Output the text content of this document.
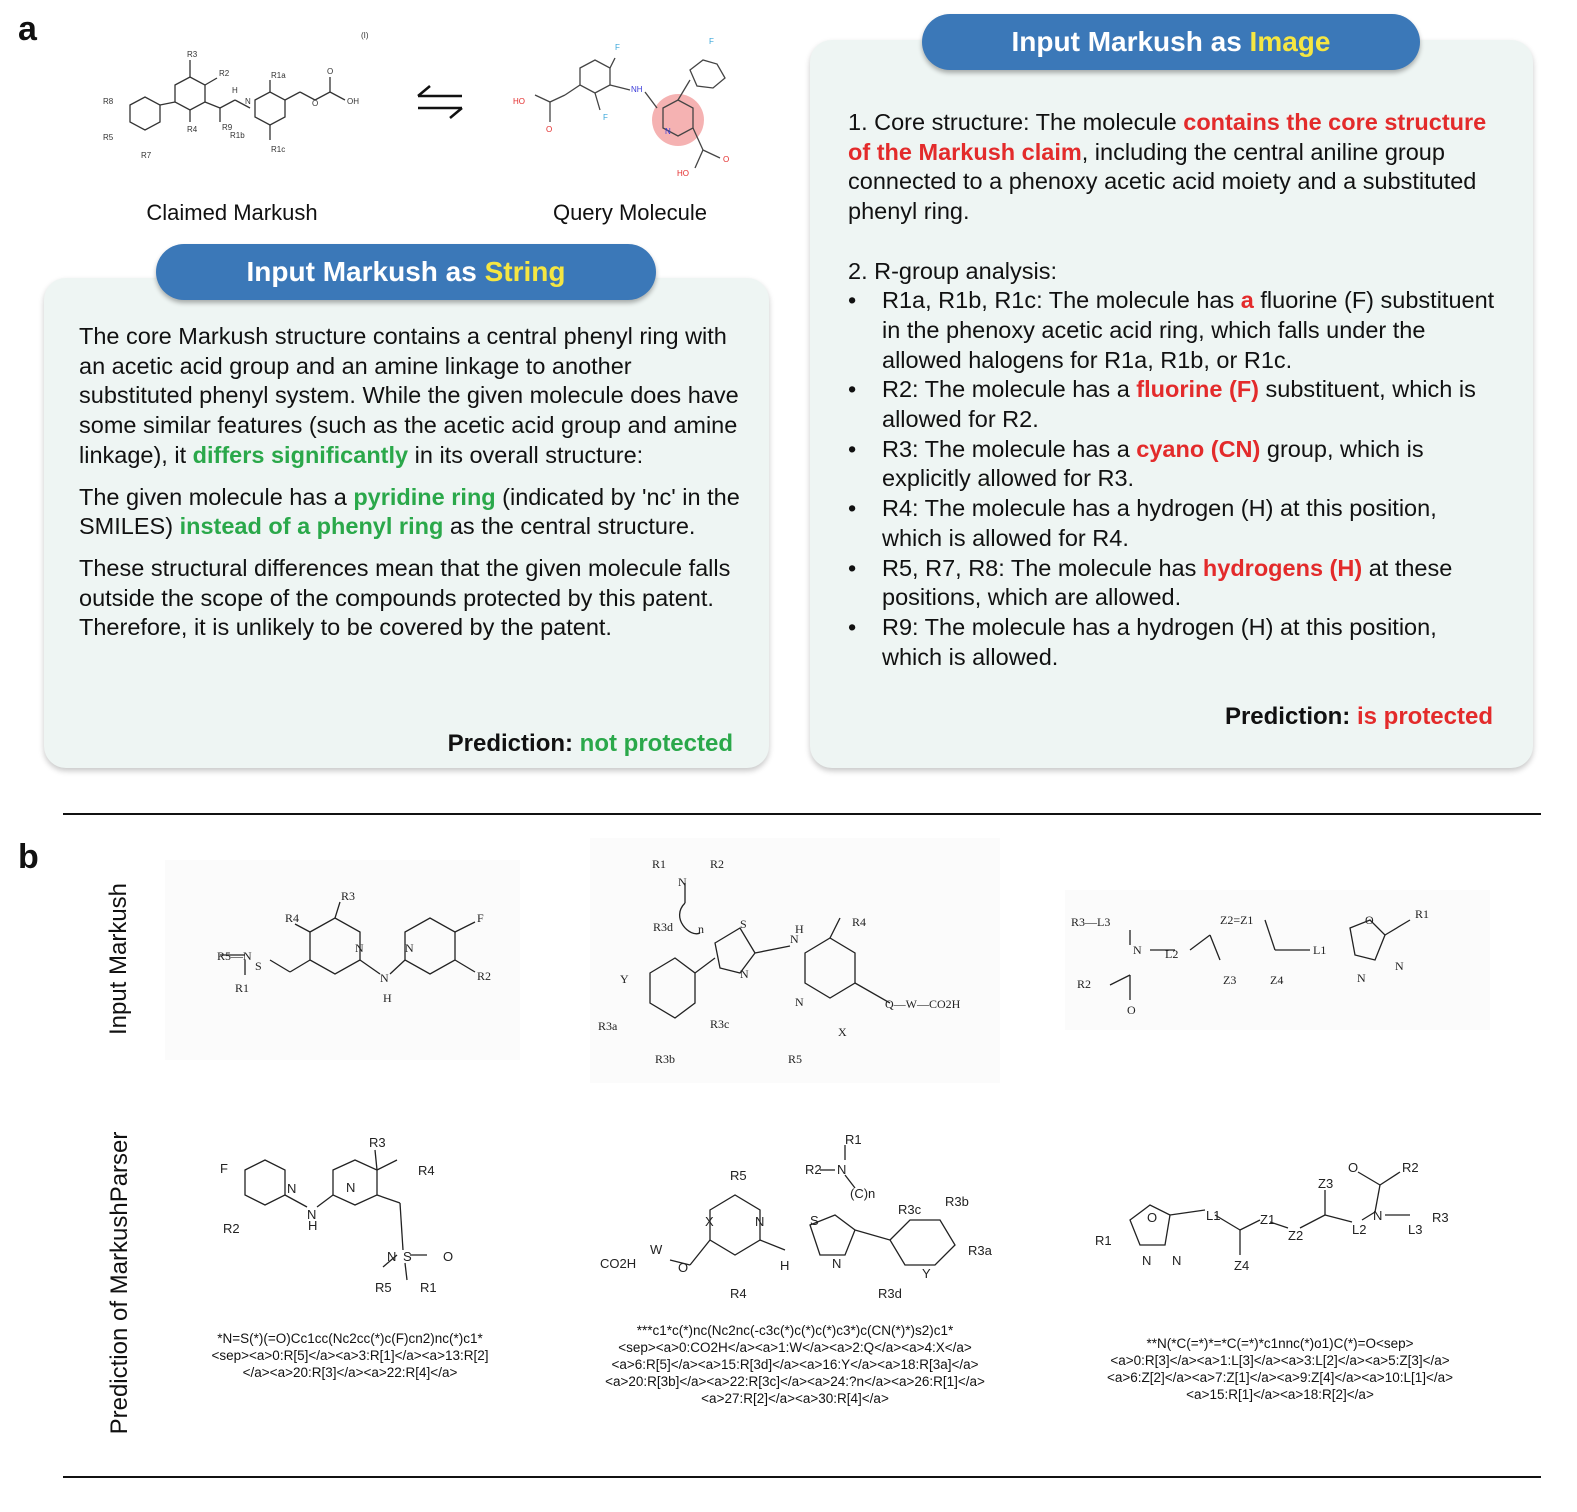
a
R3
R2
R8
R5
R7
R4	R9
R1a
R1b
R1c
H
N	O
O
OH
(I)
F
F
F
NH
HO
O	N
O
HO
Claimed Markush	Query Molecule

The core Markush structure contains a central phenyl ring with an acetic acid group and an amine linkage to another substituted phenyl system. While the given molecule does have some similar features (such as the acetic acid group and amine linkage), it differs significantly in its overall structure:

The given molecule has a pyridine ring (indicated by 'nc' in the SMILES) instead of a phenyl ring as the central structure.

These structural differences mean that the given molecule falls outside the scope of the compounds protected by this patent. Therefore, it is unlikely to be covered by the patent.

Prediction: not protected
Input Markush as String

1. Core structure: The molecule contains the core structure of the Markush claim, including the central aniline group connected to a phenoxy acetic acid moiety and a substituted phenyl ring.

2. R-group analysis:

• R1a, R1b, R1c: The molecule has a fluorine (F) substituent in the phenoxy acetic acid ring, which falls under the allowed halogens for R1a, R1b, or R1c.

• R2: The molecule has a fluorine (F) substituent, which is allowed for R2.

• R3: The molecule has a cyano (CN) group, which is explicitly allowed for R3.

• R4: The molecule has a hydrogen (H) at this position, which is allowed for R4.

• R5, R7, R8: The molecule has hydrogens (H) at these positions, which are allowed.

• R9: The molecule has a hydrogen (H) at this position, which is allowed.

Prediction: is protected
Input Markush as Image
b
Input Markush
Prediction of MarkushParser
R3
R4
N
R5—N
S
R1
N
H
N
F
R2
R1	R2
N
n	S
R3d
Y
R4
N
H
N
R3a	R3c
R3b	R5
N
X
Q—W—CO2H
R3—L3
N L2
Z2=Z1
L1
O	R1
R2
O
Z3	Z4	N
N
F
N
R3
R4
R2
N
H
N
N S O
R5 R1
R1
R2 N
(C)n
R5
X	N	S
R3c
R3b
R3a
R3d
Y
CO2H
W
O	H	N
R4
R1
O
N N
L1	Z1
Z2
Z3
Z4
L2
N
L3
R3
O	R2
*N=S(*)(=O)Cc1cc(Nc2cc(*)c(F)cn2)nc(*)c1*
<sep><a>0:R[5]</a><a>3:R[1]</a><a>13:R[2]
</a><a>20:R[3]</a><a>22:R[4]</a>
***c1*c(*)nc(Nc2nc(-c3c(*)c(*)c(*)c3*)c(CN(*)*)s2)c1*
<sep><a>0:CO2H</a><a>1:W</a><a>2:Q</a><a>4:X</a>
<a>6:R[5]</a><a>15:R[3d]</a><a>16:Y</a><a>18:R[3a]</a>
<a>20:R[3b]</a><a>22:R[3c]</a><a>24:?n</a><a>26:R[1]</a>
<a>27:R[2]</a><a>30:R[4]</a>
**N(*C(=*)*=*C(=*)*c1nnc(*)o1)C(*)=O<sep>
<a>0:R[3]</a><a>1:L[3]</a><a>3:L[2]</a><a>5:Z[3]</a>
<a>6:Z[2]</a><a>7:Z[1]</a><a>9:Z[4]</a><a>10:L[1]</a>
<a>15:R[1]</a><a>18:R[2]</a>
